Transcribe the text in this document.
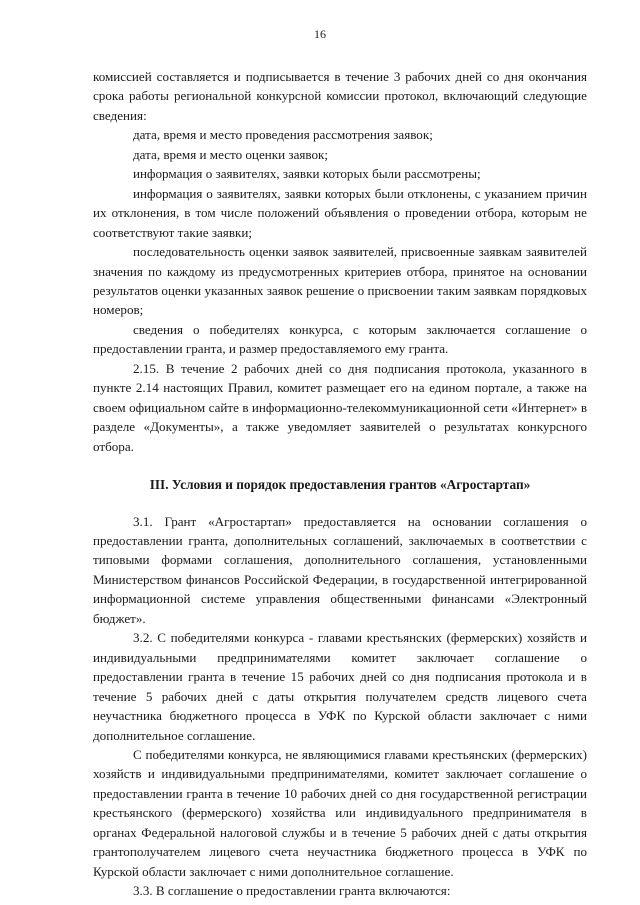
16

комиссией составляется и подписывается в течение 3 рабочих дней со дня окончания срока работы региональной конкурсной комиссии протокол, включающий следующие сведения:

дата, время и место проведения рассмотрения заявок;

дата, время и место оценки заявок;

информация о заявителях, заявки которых были рассмотрены;

информация о заявителях, заявки которых были отклонены, с указанием причин их отклонения, в том числе положений объявления о проведении отбора, которым не соответствуют такие заявки;

последовательность оценки заявок заявителей, присвоенные заявкам заявителей значения по каждому из предусмотренных критериев отбора, принятое на основании результатов оценки указанных заявок решение о присвоении таким заявкам порядковых номеров;

сведения о победителях конкурса, с которым заключается соглашение о предоставлении гранта, и размер предоставляемого ему гранта.

2.15. В течение 2 рабочих дней со дня подписания протокола, указанного в пункте 2.14 настоящих Правил, комитет размещает его на едином портале, а также на своем официальном сайте в информационно-телекоммуникационной сети «Интернет» в разделе «Документы», а также уведомляет заявителей о результатах конкурсного отбора.

III. Условия и порядок предоставления грантов «Агростартап»

3.1. Грант «Агростартап» предоставляется на основании соглашения о предоставлении гранта, дополнительных соглашений, заключаемых в соответствии с типовыми формами соглашения, дополнительного соглашения, установленными Министерством финансов Российской Федерации, в государственной интегрированной информационной системе управления общественными финансами «Электронный бюджет».

3.2. С победителями конкурса - главами крестьянских (фермерских) хозяйств и индивидуальными предпринимателями комитет заключает соглашение о предоставлении гранта в течение 15 рабочих дней со дня подписания протокола и в течение 5 рабочих дней с даты открытия получателем средств лицевого счета неучастника бюджетного процесса в УФК по Курской области заключает с ними дополнительное соглашение.

С победителями конкурса, не являющимися главами крестьянских (фермерских) хозяйств и индивидуальными предпринимателями, комитет заключает соглашение о предоставлении гранта в течение 10 рабочих дней со дня государственной регистрации крестьянского (фермерского) хозяйства или индивидуального предпринимателя в органах Федеральной налоговой службы и в течение 5 рабочих дней с даты открытия грантополучателем лицевого счета неучастника бюджетного процесса в УФК по Курской области заключает с ними дополнительное соглашение.

3.3. В соглашение о предоставлении гранта включаются:
